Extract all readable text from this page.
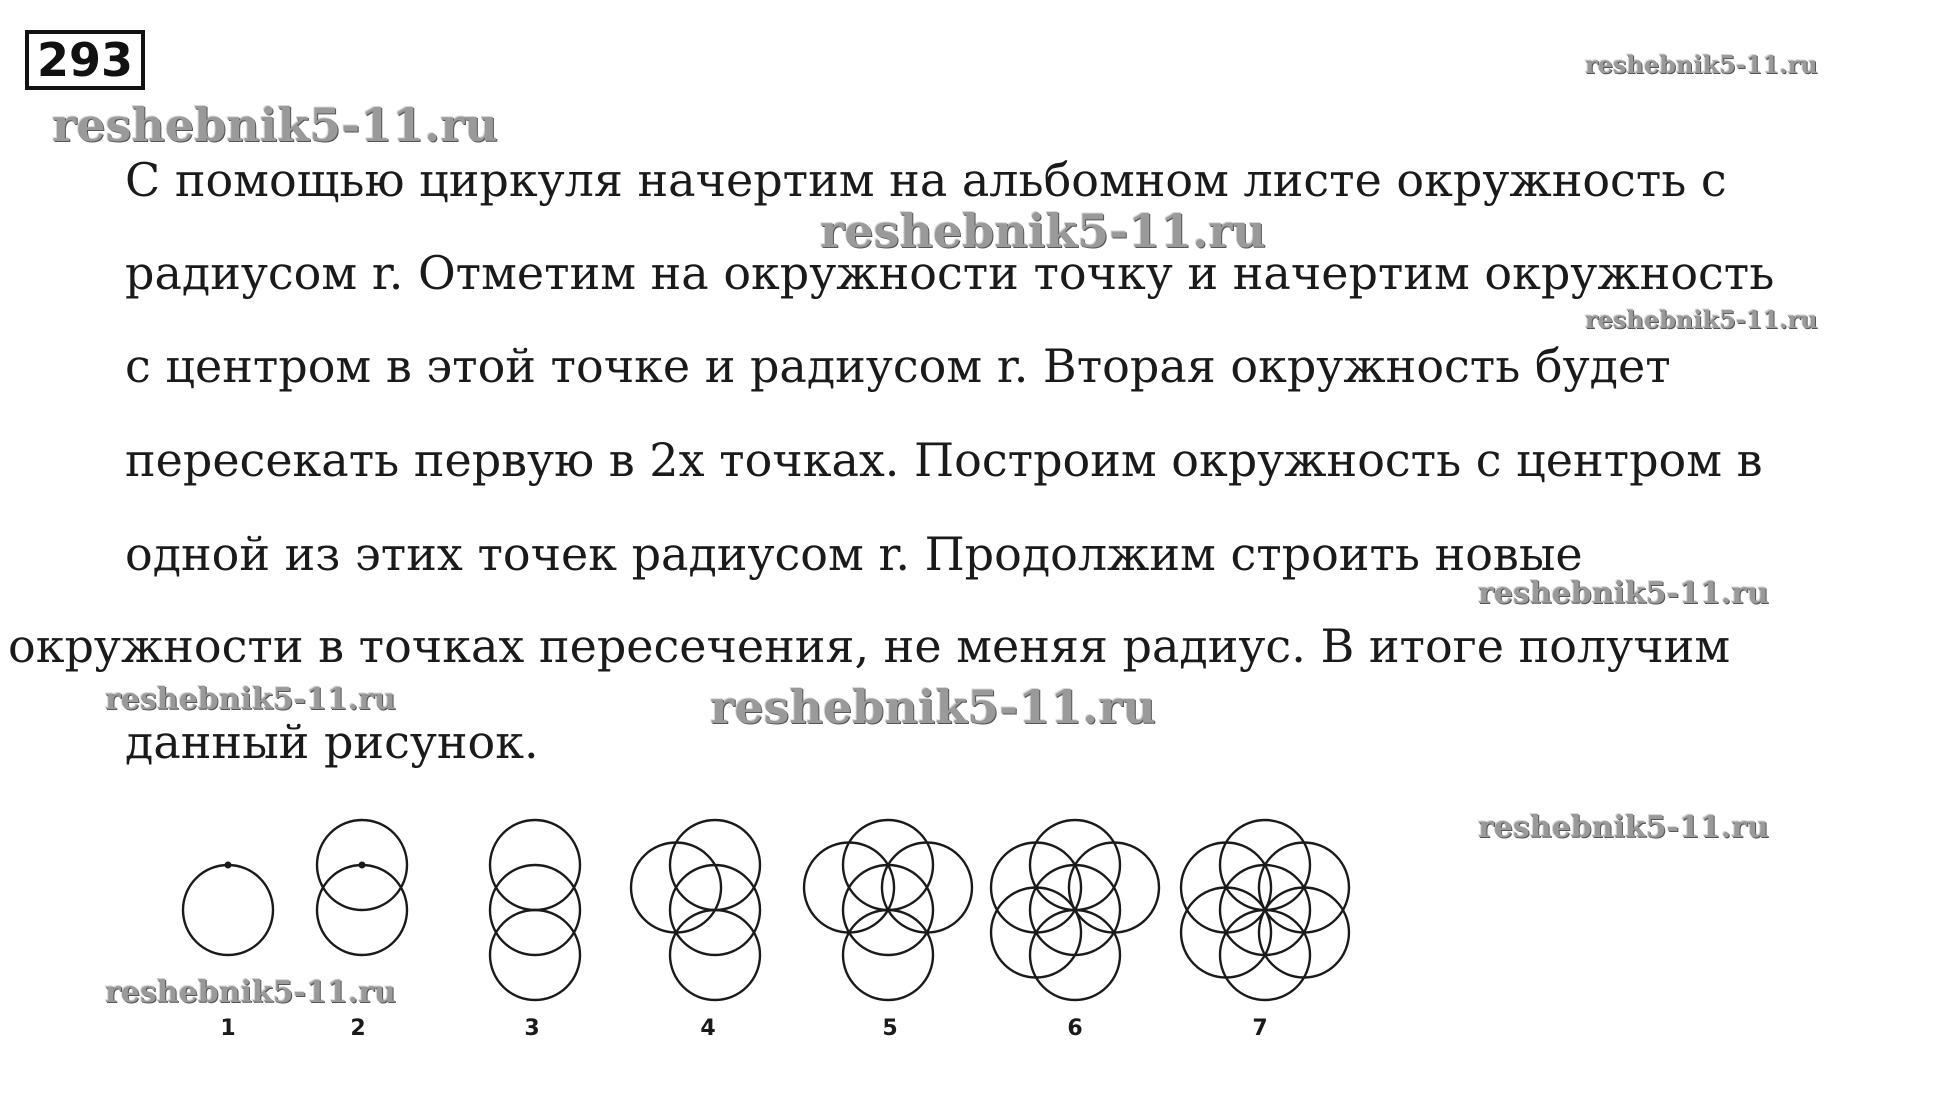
293
С помощью циркуля начертим на альбомном листе окружность с
радиусом r. Отметим на окружности точку и начертим окружность
с центром в этой точке и радиусом r. Вторая окружность будет
пересекать первую в 2х точках. Построим окружность с центром в
одной из этих точек радиусом r. Продолжим строить новые
окружности в точках пересечения, не меняя радиус. В итоге получим
данный рисунок.
reshebnik5-11.ru
reshebnik5-11.ru
reshebnik5-11.ru
reshebnik5-11.ru
reshebnik5-11.ru
reshebnik5-11.ru	reshebnik5-11.ru
reshebnik5-11.ru
reshebnik5-11.ru
1	2	3	4	5	6	7
